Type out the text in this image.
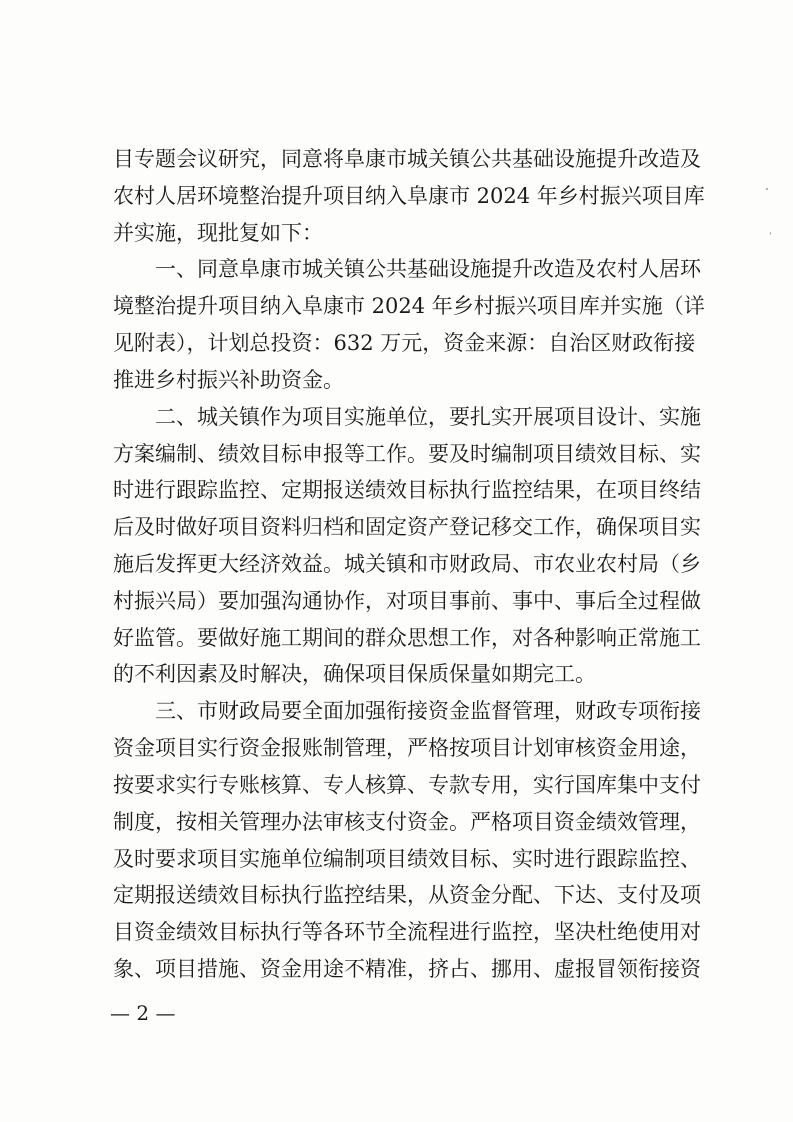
目专题会议研究，同意将阜康市城关镇公共基础设施提升改造及
农村人居环境整治提升项目纳入阜康市 2024 年乡村振兴项目库
并实施，现批复如下：
　　一、同意阜康市城关镇公共基础设施提升改造及农村人居环
境整治提升项目纳入阜康市 2024 年乡村振兴项目库并实施（详
见附表），计划总投资：632 万元，资金来源：自治区财政衔接
推进乡村振兴补助资金。
　　二、城关镇作为项目实施单位，要扎实开展项目设计、实施
方案编制、绩效目标申报等工作。要及时编制项目绩效目标、实
时进行跟踪监控、定期报送绩效目标执行监控结果，在项目终结
后及时做好项目资料归档和固定资产登记移交工作，确保项目实
施后发挥更大经济效益。城关镇和市财政局、市农业农村局（乡
村振兴局）要加强沟通协作，对项目事前、事中、事后全过程做
好监管。要做好施工期间的群众思想工作，对各种影响正常施工
的不利因素及时解决，确保项目保质保量如期完工。
　　三、市财政局要全面加强衔接资金监督管理，财政专项衔接
资金项目实行资金报账制管理，严格按项目计划审核资金用途，
按要求实行专账核算、专人核算、专款专用，实行国库集中支付
制度，按相关管理办法审核支付资金。严格项目资金绩效管理，
及时要求项目实施单位编制项目绩效目标、实时进行跟踪监控、
定期报送绩效目标执行监控结果，从资金分配、下达、支付及项
目资金绩效目标执行等各环节全流程进行监控，坚决杜绝使用对
象、项目措施、资金用途不精准，挤占、挪用、虚报冒领衔接资
— 2 —
